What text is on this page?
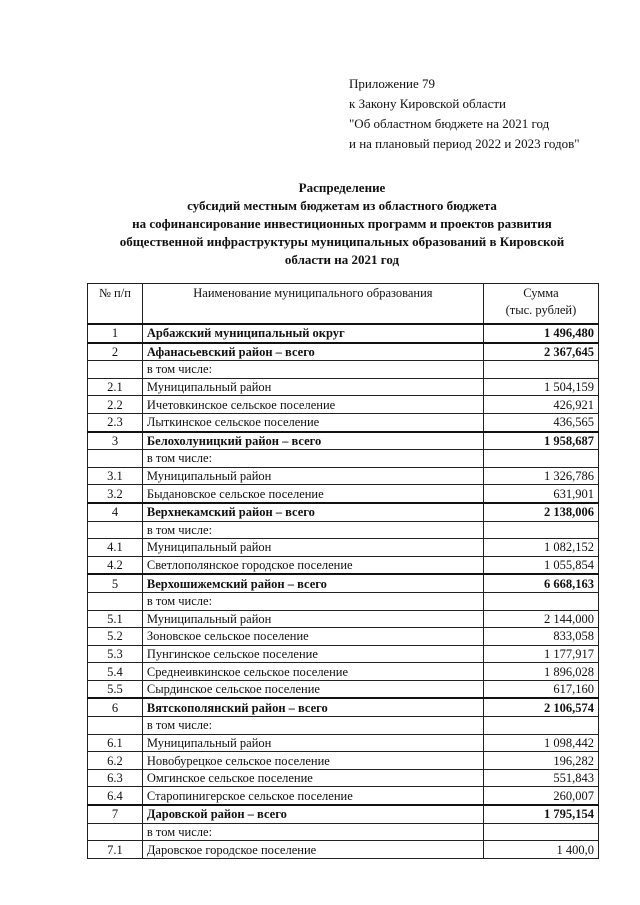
Приложение 79
к Закону Кировской области
"Об областном бюджете на 2021 год
и на плановый период 2022 и 2023 годов"
Распределение
субсидий местным бюджетам из областного бюджета
на софинансирование инвестиционных программ и проектов развития
общественной инфраструктуры муниципальных образований в Кировской
области на 2021 год
№ п/п	Наименование муниципального образования	Сумма
(тыс. рублей)

1	Арбажский муниципальный округ	1 496,480
2	Афанасьевский район – всего	2 367,645
	в том числе:	
2.1	Муниципальный район	1 504,159
2.2	Ичетовкинское сельское поселение	426,921
2.3	Лыткинское сельское поселение	436,565
3	Белохолуницкий район – всего	1 958,687
	в том числе:	
3.1	Муниципальный район	1 326,786
3.2	Быдановское сельское поселение	631,901
4	Верхнекамский район – всего	2 138,006
	в том числе:	
4.1	Муниципальный район	1 082,152
4.2	Светлополянское городское поселение	1 055,854
5	Верхошижемский район – всего	6 668,163
	в том числе:	
5.1	Муниципальный район	2 144,000
5.2	Зоновское сельское поселение	833,058
5.3	Пунгинское сельское поселение	1 177,917
5.4	Среднеивкинское сельское поселение	1 896,028
5.5	Сырдинское сельское поселение	617,160
6	Вятскополянский район – всего	2 106,574
	в том числе:	
6.1	Муниципальный район	1 098,442
6.2	Новобурецкое сельское поселение	196,282
6.3	Омгинское сельское поселение	551,843
6.4	Старопинигерское сельское поселение	260,007
7	Даровской район – всего	1 795,154
	в том числе:	
7.1	Даровское городское поселение	1 400,0
